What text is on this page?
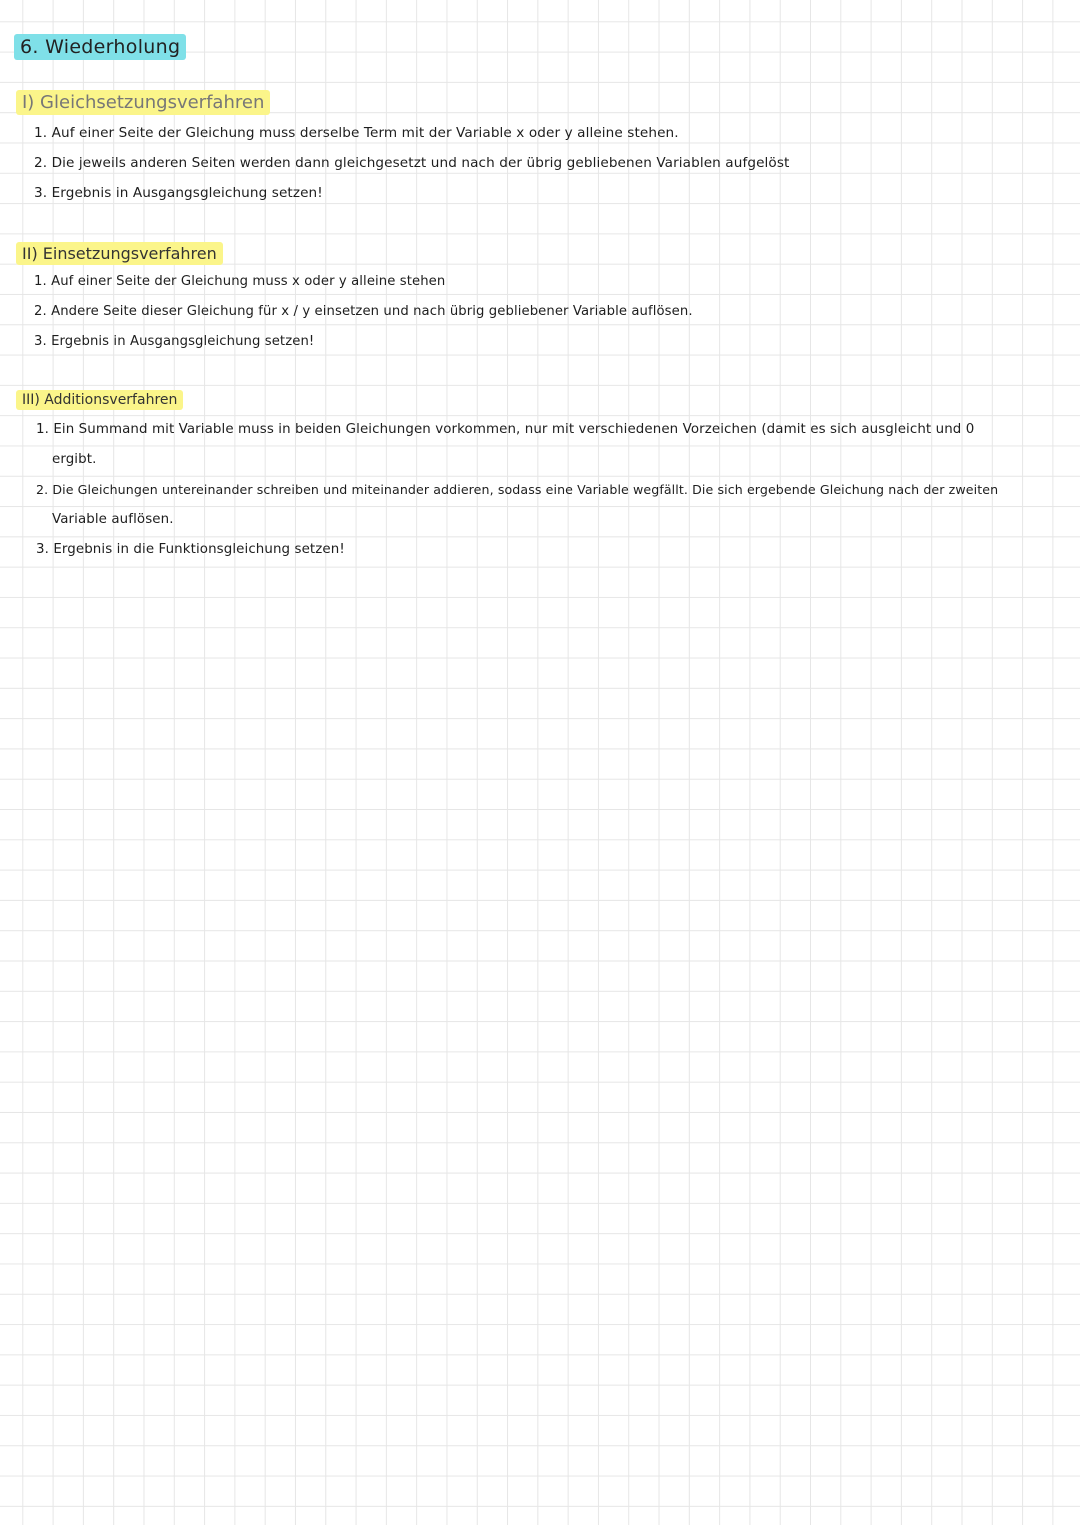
6. Wiederholung
I) Gleichsetzungsverfahren
1. Auf einer Seite der Gleichung muss derselbe Term mit der Variable x oder y alleine stehen.
2. Die jeweils anderen Seiten werden dann gleichgesetzt und nach der übrig gebliebenen Variablen aufgelöst
3. Ergebnis in Ausgangsgleichung setzen!
II) Einsetzungsverfahren
1. Auf einer Seite der Gleichung muss x oder y alleine stehen
2. Andere Seite dieser Gleichung für x / y einsetzen und nach übrig gebliebener Variable auflösen.
3. Ergebnis in Ausgangsgleichung setzen!
III) Additionsverfahren
1. Ein Summand mit Variable muss in beiden Gleichungen vorkommen, nur mit verschiedenen Vorzeichen (damit es sich ausgleicht und 0
ergibt.
2. Die Gleichungen untereinander schreiben und miteinander addieren, sodass eine Variable wegfällt. Die sich ergebende Gleichung nach der zweiten
Variable auflösen.
3. Ergebnis in die Funktionsgleichung setzen!
